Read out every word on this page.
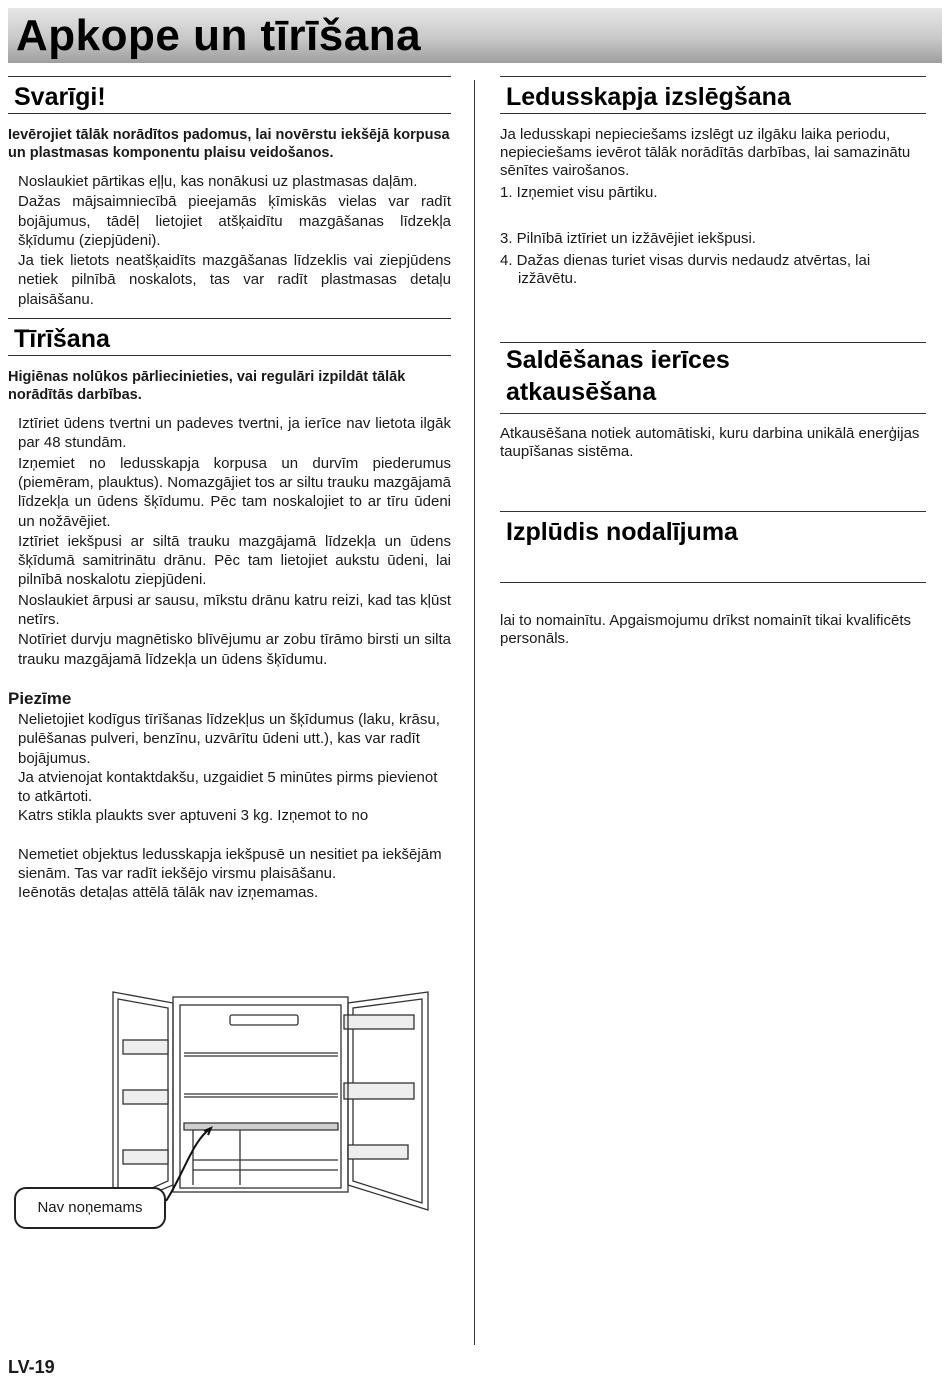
Apkope un tīrīšana
Svarīgi!
Ievērojiet tālāk norādītos padomus, lai novērstu iekšējā korpusa un plastmasas komponentu plaisu veidošanos.

Noslaukiet pārtikas eļļu, kas nonākusi uz plastmasas daļām.

Dažas mājsaimniecībā pieejamās ķīmiskās vielas var radīt bojājumus, tādēļ lietojiet atšķaidītu mazgāšanas līdzekļa šķīdumu (ziepjūdeni).

Ja tiek lietots neatšķaidīts mazgāšanas līdzeklis vai ziepjūdens netiek pilnībā noskalots, tas var radīt plastmasas detaļu plaisāšanu.

Tīrīšana
Higiēnas nolūkos pārliecinieties, vai regulāri izpildāt tālāk norādītās darbības.

Iztīriet ūdens tvertni un padeves tvertni, ja ierīce nav lietota ilgāk par 48 stundām.

Izņemiet no ledusskapja korpusa un durvīm piederumus (piemēram, plauktus). Nomazgājiet tos ar siltu trauku mazgājamā līdzekļa un ūdens šķīdumu. Pēc tam noskalojiet to ar tīru ūdeni un nožāvējiet.

Iztīriet iekšpusi ar siltā trauku mazgājamā līdzekļa un ūdens šķīdumā samitrinātu drānu. Pēc tam lietojiet aukstu ūdeni, lai pilnībā noskalotu ziepjūdeni.

Noslaukiet ārpusi ar sausu, mīkstu drānu katru reizi, kad tas kļūst netīrs.

Notīriet durvju magnētisko blīvējumu ar zobu tīrāmo birsti un silta trauku mazgājamā līdzekļa un ūdens šķīdumu.

Piezīme

Nelietojiet kodīgus tīrīšanas līdzekļus un šķīdumus (laku, krāsu, pulēšanas pulveri, benzīnu, uzvārītu ūdeni utt.), kas var radīt bojājumus.

Ja atvienojat kontaktdakšu, uzgaidiet 5 minūtes pirms pievienot to atkārtoti.

Katrs stikla plaukts sver aptuveni 3 kg. Izņemot to no

Nemetiet objektus ledusskapja iekšpusē un nesitiet pa iekšējām sienām. Tas var radīt iekšējo virsmu plaisāšanu.

Ieēnotās detaļas attēlā tālāk nav izņemamas.

Nav noņemams
Ledusskapja izslēgšana

Ja ledusskapi nepieciešams izslēgt uz ilgāku laika periodu, nepieciešams ievērot tālāk norādītās darbības, lai samazinātu sēnītes vairošanos.

1. Izņemiet visu pārtiku.
3. Pilnībā iztīriet un izžāvējiet iekšpusi.
4. Dažas dienas turiet visas durvis nedaudz atvērtas, lai izžāvētu.
Saldēšanas ierīces
atkausēšana

Atkausēšana notiek automātiski, kuru darbina unikālā enerģijas taupīšanas sistēma.

Izplūdis nodalījuma

lai to nomainītu. Apgaismojumu drīkst nomainīt tikai kvalificēts personāls.

LV-19
